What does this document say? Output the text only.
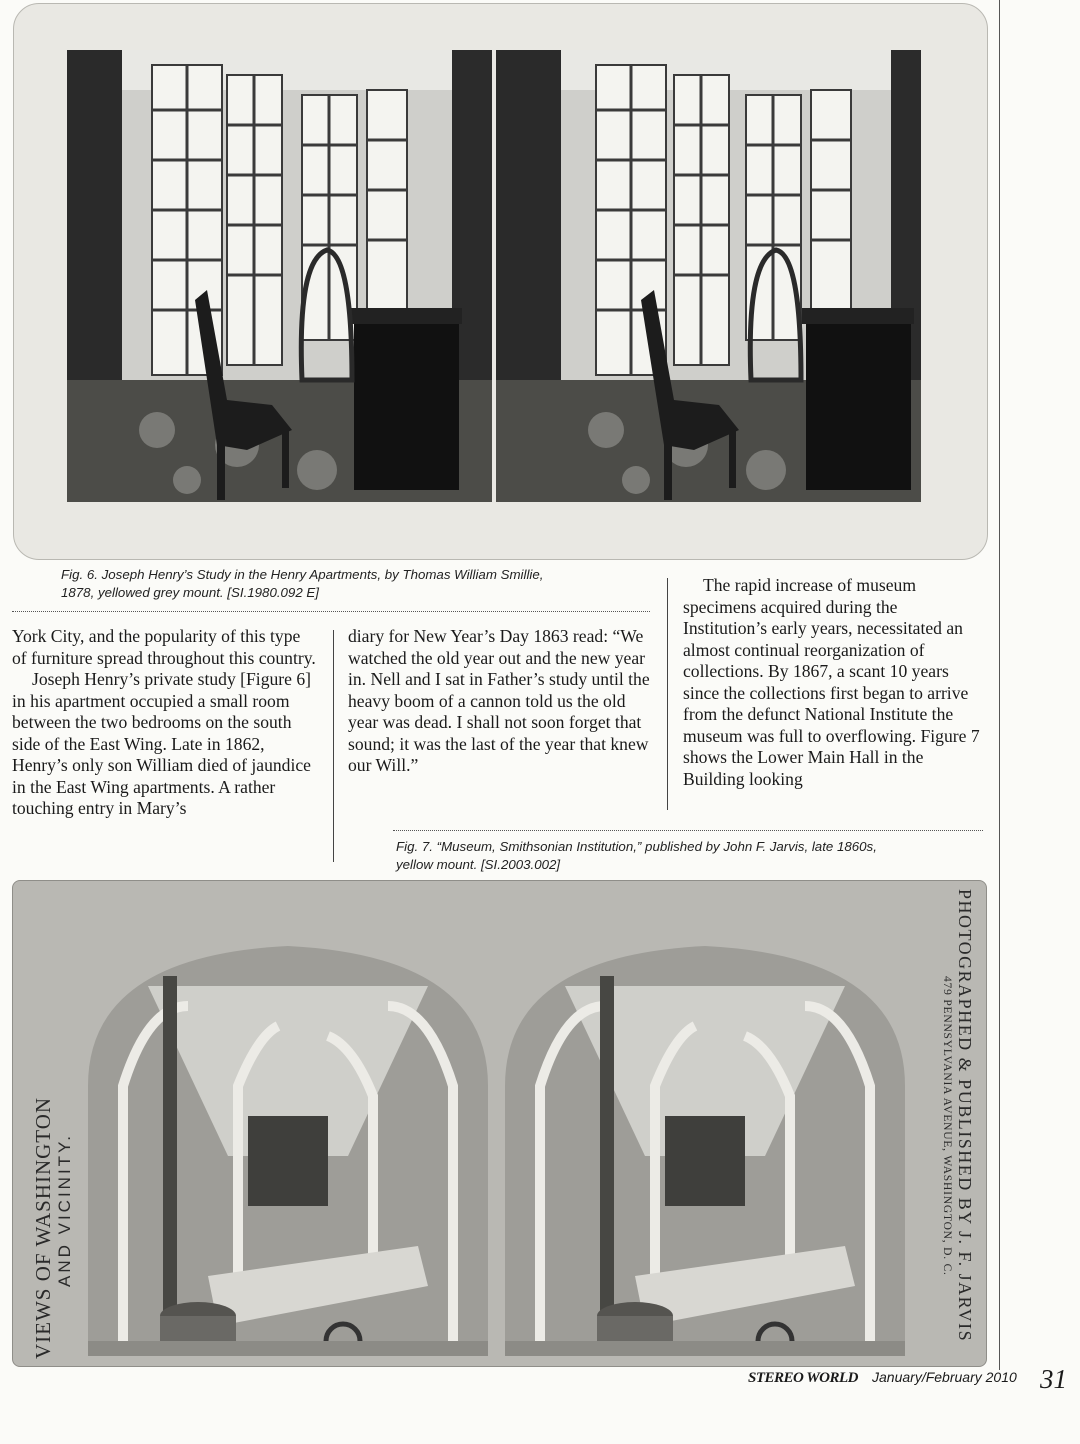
Fig. 6. Joseph Henry’s Study in the Henry Apartments, by Thomas William Smillie,
1878, yellowed grey mount. [SI.1980.092 E]

York City, and the popularity of this type of furniture spread throughout this country.

Joseph Henry’s private study [Figure 6] in his apartment occupied a small room between the two bedrooms on the south side of the East Wing. Late in 1862, Henry’s only son William died of jaundice in the East Wing apartments. A rather touching entry in Mary’s

diary for New Year’s Day 1863 read: “We watched the old year out and the new year in. Nell and I sat in Father’s study until the heavy boom of a cannon told us the old year was dead. I shall not soon forget that sound; it was the last of the year that knew our Will.”

The rapid increase of museum specimens acquired during the Institution’s early years, necessitated an almost continual reorganization of collections. By 1867, a scant 10 years since the collections first began to arrive from the defunct National Institute the museum was full to overflowing. Figure 7 shows the Lower Main Hall in the Building looking

Fig. 7. “Museum, Smithsonian Institution,” published by John F. Jarvis, late 1860s,
yellow mount. [SI.2003.002]
VIEWS OF WASHINGTON AND VICINITY.	PHOTOGRAPHED & PUBLISHED BY J. F. JARVIS
479 PENNSYLVANIA AVENUE, WASHINGTON, D. C.
STEREO WORLD January/February 2010 31
